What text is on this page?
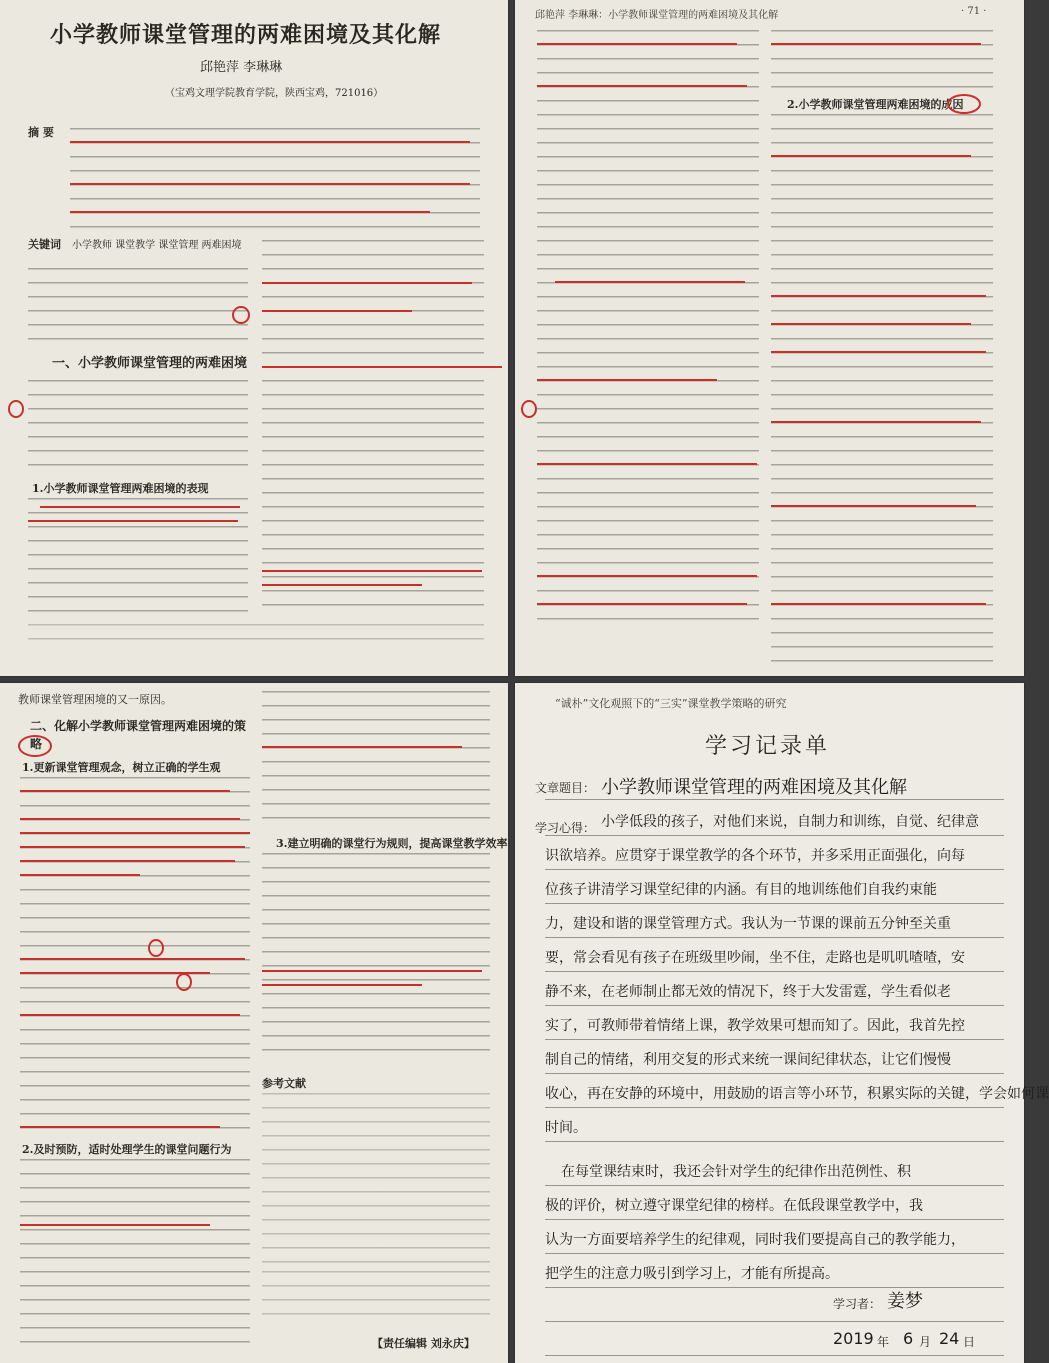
小学教师课堂管理的两难困境及其化解
邱艳萍 李琳琳
（宝鸡文理学院教育学院，陕西宝鸡，721016）
摘 要
关键词 小学教师 课堂教学 课堂管理 两难困境
一、小学教师课堂管理的两难困境
1.小学教师课堂管理两难困境的表现
邱艳萍 李琳琳：小学教师课堂管理的两难困境及其化解	· 71 ·
2.小学教师课堂管理两难困境的成因
教师课堂管理困境的又一原因。
二、化解小学教师课堂管理两难困境的策略
1.更新课堂管理观念，树立正确的学生观
2.及时预防，适时处理学生的课堂问题行为
3.建立明确的课堂行为规则，提高课堂教学效率
参考文献
【责任编辑 刘永庆】
“诚朴”文化观照下的“三实”课堂教学策略的研究
学习记录单
文章题目： 小学教师课堂管理的两难困境及其化解
学习心得：
学习者： 姜梦
2019 年 6 月 24 日
小学低段的孩子，对他们来说，自制力和训练，自觉、纪律意
识欲培养。应贯穿于课堂教学的各个环节，并多采用正面强化，向每
位孩子讲清学习课堂纪律的内涵。有目的地训练他们自我约束能
力，建设和谐的课堂管理方式。我认为一节课的课前五分钟至关重
要，常会看见有孩子在班级里吵闹，坐不住，走路也是叽叽喳喳，安
静不来，在老师制止都无效的情况下，终于大发雷霆，学生看似老
实了，可教师带着情绪上课，教学效果可想而知了。因此，我首先控
制自己的情绪，利用交复的形式来统一课间纪律状态，让它们慢慢
收心，再在安静的环境中，用鼓励的语言等小环节，积累实际的关键，学会如何课
时间。
在每堂课结束时，我还会针对学生的纪律作出范例性、积
极的评价，树立遵守课堂纪律的榜样。在低段课堂教学中，我
认为一方面要培养学生的纪律观，同时我们要提高自己的教学能力，
把学生的注意力吸引到学习上，才能有所提高。
